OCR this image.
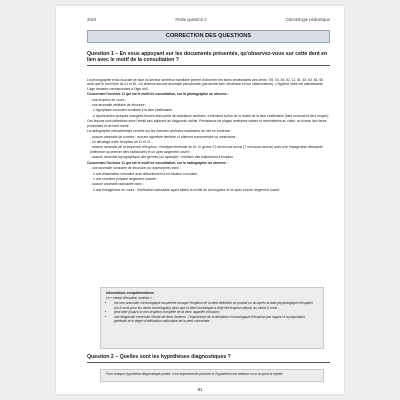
2024	Petite question 2	Odontologie pédiatrique
CORRECTION DES QUESTIONS
Question 1 – En vous appuyant sur les documents présentés, qu'observez-vous sur cette dent en lien avec le motif de la consultation ?

La photographie endo-buccale de face du secteur antérieur maxillaire permet d'observer les faces vestibulaires des dents : 55, 54, 53, 52, 11, 61, 62, 63, 64, 65 ainsi que le bord libre de 21 et 81. On observe aucune anomalie parodontale (parodonte sain, kératinisé et non inflammatoire). L'hygiène orale est satisfaisante. L'âge dentaire correspondant à l'âge civil.

Concernant l'incisive 11 qui est le motif de consultation, sur la photographie on observe :

- une éruption en cours ;

- une anomalie amélaire de structure :

o hypoplasie coronaire localisée à la face vestibulaire,

o dyschromies opaques orangées-brunes avec perte de substance amélaire, s'étendant à plus de la moitié de la face vestibulaire (tiers occlusal et tiers moyen).

Ces lésions sont délimitées avec l'émail sain adjacent au diagnostic visible. Persistance de plages amélaires saines et minéralisées au collet, au niveau des faces proximales et du bord incisif.

La radiographie rétroalvéolaire centrée sur les incisives centrales maxillaires ne met en évidence :

- aucune anomalie de nombre : aucune agénésie dentaire, ni élément surnuméraire ou mésiodens ;

- un décalage entre l'éruption de 11 et 21 ;

- aucune anomalie de la séquence d'éruption : rhizalyse terminale de 61, le germe 21 est encore inclus (7 mm sous-osseux) avec une rhizagenèse débutante (inférieure au premier tiers radiculaire) et un apex largement ouvert ;

- aucune anomalie topographique des germes (ou dystopie) : maintien des trajectoires d'éruption.

Concernant l'incisive 11 qui est le motif de consultation, sur la radiographie on observe :

- une anomalie coronaire de structure (ou dysmorphie) avec :

o une dilacération coronaire avec déboulement à mi-hauteur coronaire,

o une chambre pulpaire largement ouverte ;

- aucune anomalie radiculaire avec :

o une rhizagenèse en cours : l'édification radiculaire ayant atteint la moitié de sa longueur et un apex encore largement ouvert.

Informations complémentaires
Le « retard d'éruption localisé » :
• est une anomalie chronologique suspectée lorsque l'éruption de la dent définitive se produit un an après la date physiologique d'éruption (ou 6 mois pour les dents homologues) alors que la dent homologue a déjà fait éruption depuis au moins 6 mois ;
• peut aller jusqu'à la non-éruption complète de la dent, appelée inclusion ;
• une diagnostic nécessite l'étude de deux facteurs : l'importance de la déviation chronologique d'éruption par rapport à la population générale et le degré d'édification radiculaire de la dent concernée.
Question 2 – Quelles sont les hypothèses diagnostiques ?
Pour chaque hypothèse diagnostique posée, il est important de préciser si l'hypothèse est retenue ou si on peut la rejeter.
81
